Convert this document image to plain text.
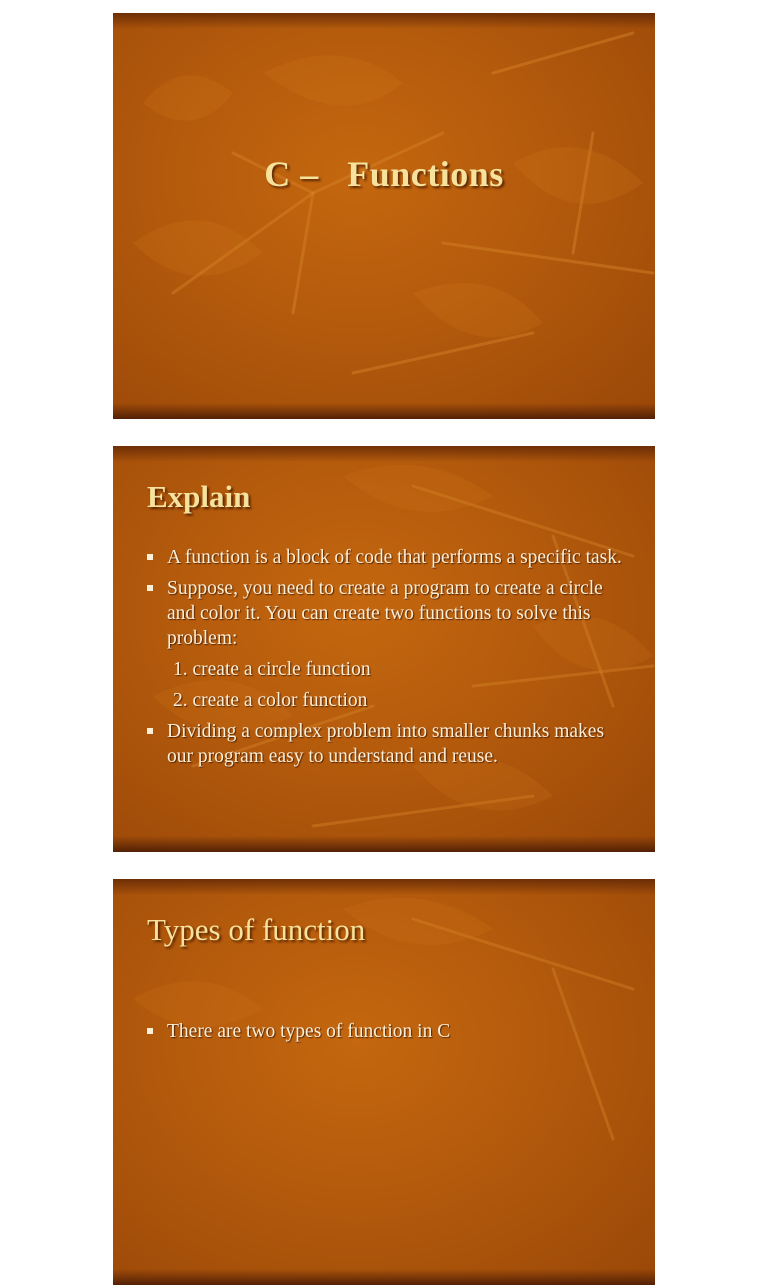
C –   Functions
Explain
A function is a block of code that performs a specific task.
Suppose, you need to create a program to create a circle and color it. You can create two functions to solve this problem:
1. create a circle function
2. create a color function
Dividing a complex problem into smaller chunks makes our program easy to understand and reuse.
Types of function
There are two types of function in C
